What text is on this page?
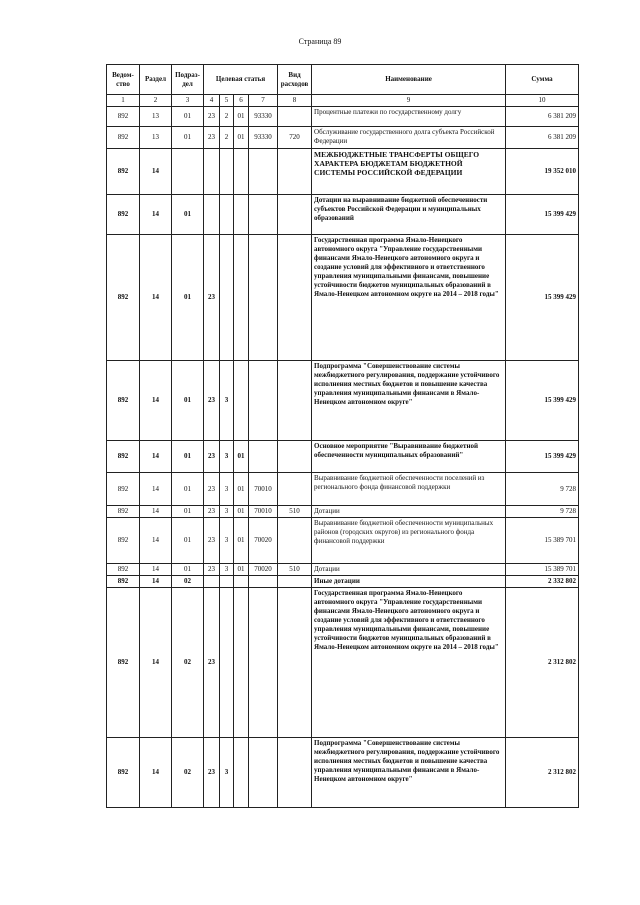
Страница 89
Ведом-ство	Раздел	Подраз-дел	Целевая статья				Вид расходов	Наименование	Сумма
1	2	3	4	5	6	7	8	9	10
892	13	01	23	2	01	93330		Процентные платежи по государственному долгу	6 381 209
892	13	01	23	2	01	93330	720	Обслуживание государственного долга субъекта Российской Федерации	6 381 209
892	14							МЕЖБЮДЖЕТНЫЕ ТРАНСФЕРТЫ ОБЩЕГО ХАРАКТЕРА БЮДЖЕТАМ БЮДЖЕТНОЙ СИСТЕМЫ РОССИЙСКОЙ ФЕДЕРАЦИИ	19 352 010
892	14	01						Дотации на выравнивание бюджетной обеспеченности субъектов Российской Федерации и муниципальных образований	15 399 429
892	14	01	23					Государственная программа Ямало-Ненецкого автономного округа "Управление государственными финансами Ямало-Ненецкого автономного округа и создание условий для эффективного и ответственного управления муниципальными финансами, повышение устойчивости бюджетов муниципальных образований в Ямало-Ненецком автономном округе на 2014 – 2018 годы"	15 399 429
892	14	01	23	3				Подпрограмма "Совершенствование системы межбюджетного регулирования, поддержание устойчивого исполнения местных бюджетов и повышение качества управления муниципальными финансами в Ямало-Ненецком автономном округе"	15 399 429
892	14	01	23	3	01			Основное мероприятие "Выравнивание бюджетной обеспеченности муниципальных образований"	15 399 429
892	14	01	23	3	01	70010		Выравнивание бюджетной обеспеченности поселений из регионального фонда финансовой поддержки	9 728
892	14	01	23	3	01	70010	510	Дотации	9 728
892	14	01	23	3	01	70020		Выравнивание бюджетной обеспеченности муниципальных районов (городских округов) из регионального фонда финансовой поддержки	15 389 701
892	14	01	23	3	01	70020	510	Дотации	15 389 701
892	14	02						Иные дотации	2 332 802
892	14	02	23					Государственная программа Ямало-Ненецкого автономного округа "Управление государственными финансами Ямало-Ненецкого автономного округа и создание условий для эффективного и ответственного управления муниципальными финансами, повышение устойчивости бюджетов муниципальных образований в Ямало-Ненецком автономном округе на 2014 – 2018 годы"	2 312 802
892	14	02	23	3				Подпрограмма "Совершенствование системы межбюджетного регулирования, поддержание устойчивого исполнения местных бюджетов и повышение качества управления муниципальными финансами в Ямало-Ненецком автономном округе"	2 312 802
